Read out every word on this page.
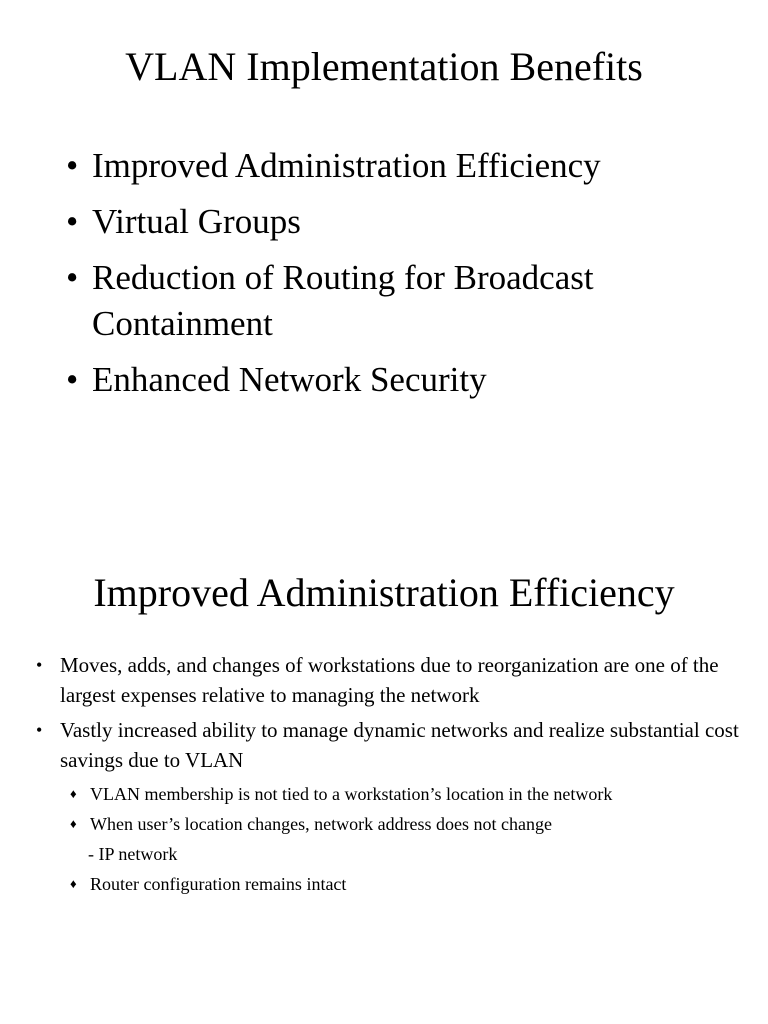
VLAN Implementation Benefits
• Improved Administration Efficiency
• Virtual Groups
• Reduction of Routing for Broadcast Containment
• Enhanced Network Security
Improved Administration Efficiency
• Moves, adds, and changes of workstations due to reorganization are one of the largest expenses relative to managing the network
• Vastly increased ability to manage dynamic networks and realize substantial cost savings due to VLAN
♦ VLAN membership is not tied to a workstation’s location in the network
♦ When user’s location changes, network address does not change
- IP network
♦ Router configuration remains intact
